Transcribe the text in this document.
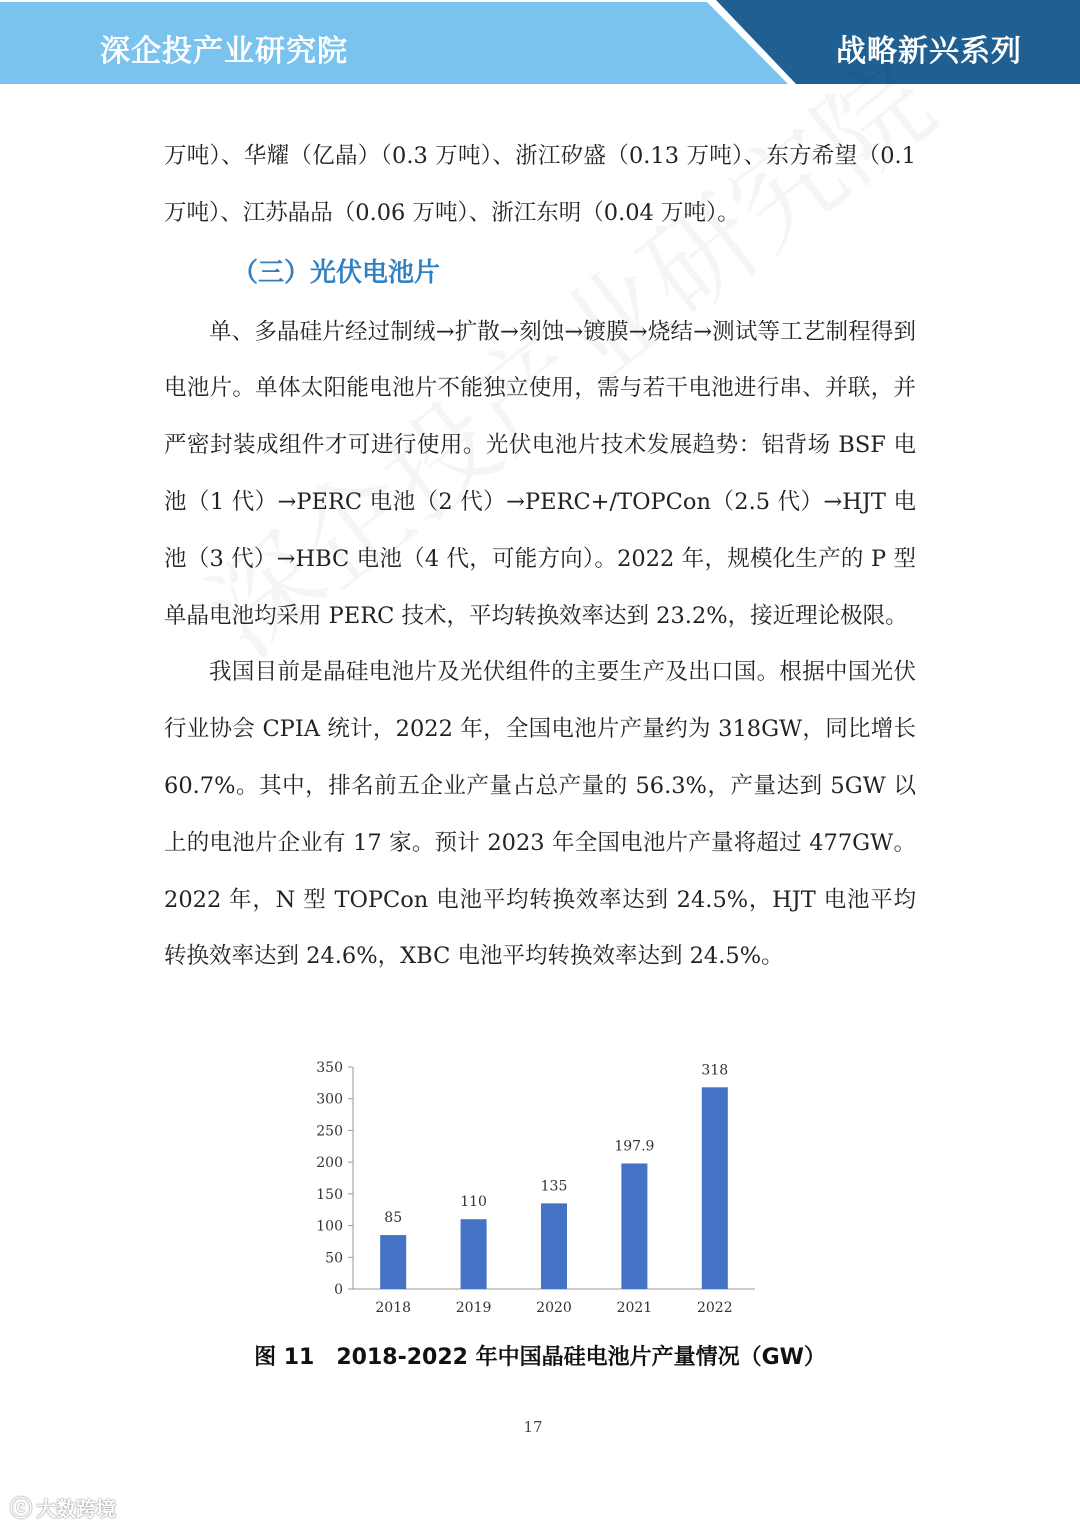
深企投产业研究院	战略新兴系列

万吨）、华耀（亿晶）（0.3 万吨）、浙江矽盛（0.13 万吨）、东方希望（0.1 万吨）、江苏晶品（0.06 万吨）、浙江东明（0.04 万吨）。

（三）光伏电池片

单、多晶硅片经过制绒→扩散→刻蚀→镀膜→烧结→测试等工艺制程得到电池片。单体太阳能电池片不能独立使用，需与若干电池进行串、并联，并严密封装成组件才可进行使用。光伏电池片技术发展趋势：铝背场 BSF 电池（1 代）→PERC 电池（2 代）→PERC+/TOPCon（2.5 代）→HJT 电池（3 代）→HBC 电池（4 代，可能方向）。2022 年，规模化生产的 P 型单晶电池均采用 PERC 技术，平均转换效率达到 23.2%，接近理论极限。

我国目前是晶硅电池片及光伏组件的主要生产及出口国。根据中国光伏行业协会 CPIA 统计，2022 年，全国电池片产量约为 318GW，同比增长 60.7%。其中，排名前五企业产量占总产量的 56.3%，产量达到 5GW 以上的电池片企业有 17 家。预计 2023 年全国电池片产量将超过 477GW。2022 年，N 型 TOPCon 电池平均转换效率达到 24.5%，HJT 电池平均转换效率达到 24.6%，XBC 电池平均转换效率达到 24.5%。

0
50
100
150
200
250
300
350
85
2018
110
2019
135
2020
197.9
2021
318
2022
图 11 2018-2022 年中国晶硅电池片产量情况（GW）
17
ⓒ 大数跨境
